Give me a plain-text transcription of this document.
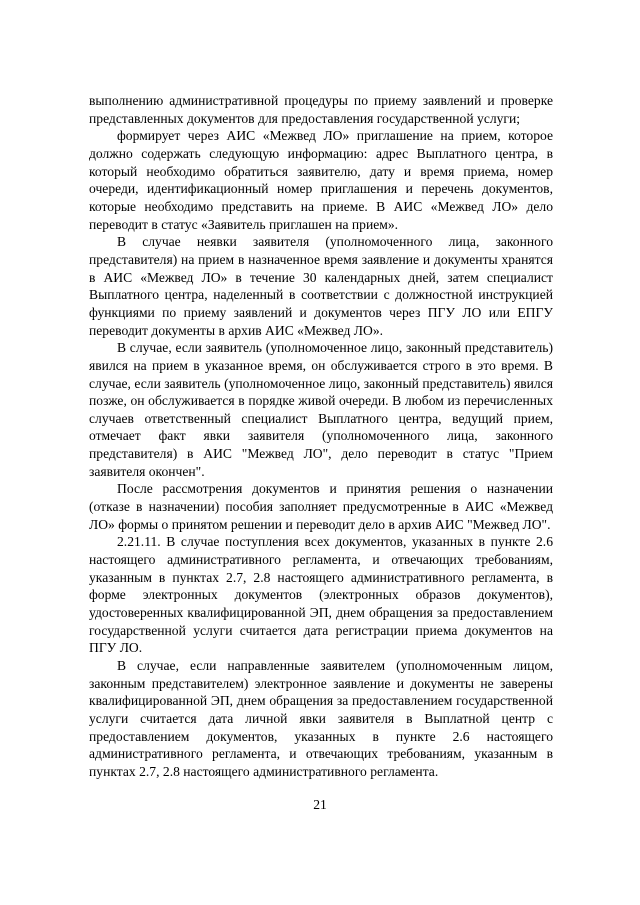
выполнению административной процедуры по приему заявлений и проверке представленных документов для предоставления государственной услуги;

формирует через АИС «Межвед ЛО» приглашение на прием, которое должно содержать следующую информацию: адрес Выплатного центра, в который необходимо обратиться заявителю, дату и время приема, номер очереди, идентификационный номер приглашения и перечень документов, которые необходимо представить на приеме. В АИС «Межвед ЛО» дело переводит в статус «Заявитель приглашен на прием».

В случае неявки заявителя (уполномоченного лица, законного представителя) на прием в назначенное время заявление и документы хранятся в АИС «Межвед ЛО» в течение 30 календарных дней, затем специалист Выплатного центра, наделенный в соответствии с должностной инструкцией функциями по приему заявлений и документов через ПГУ ЛО или ЕПГУ переводит документы в архив АИС «Межвед ЛО».

В случае, если заявитель (уполномоченное лицо, законный представитель) явился на прием в указанное время, он обслуживается строго в это время. В случае, если заявитель (уполномоченное лицо, законный представитель) явился позже, он обслуживается в порядке живой очереди. В любом из перечисленных случаев ответственный специалист Выплатного центра, ведущий прием, отмечает факт явки заявителя (уполномоченного лица, законного представителя) в АИС "Межвед ЛО", дело переводит в статус "Прием заявителя окончен".

После рассмотрения документов и принятия решения о назначении (отказе в назначении) пособия заполняет предусмотренные в АИС «Межвед ЛО» формы о принятом решении и переводит дело в архив АИС "Межвед ЛО".

2.21.11. В случае поступления всех документов, указанных в пункте 2.6 настоящего административного регламента, и отвечающих требованиям, указанным в пунктах 2.7, 2.8 настоящего административного регламента, в форме электронных документов (электронных образов документов), удостоверенных квалифицированной ЭП, днем обращения за предоставлением государственной услуги считается дата регистрации приема документов на ПГУ ЛО.

В случае, если направленные заявителем (уполномоченным лицом, законным представителем) электронное заявление и документы не заверены квалифицированной ЭП, днем обращения за предоставлением государственной услуги считается дата личной явки заявителя в Выплатной центр с предоставлением документов, указанных в пункте 2.6 настоящего административного регламента, и отвечающих требованиям, указанным в пунктах 2.7, 2.8 настоящего административного регламента.

21
